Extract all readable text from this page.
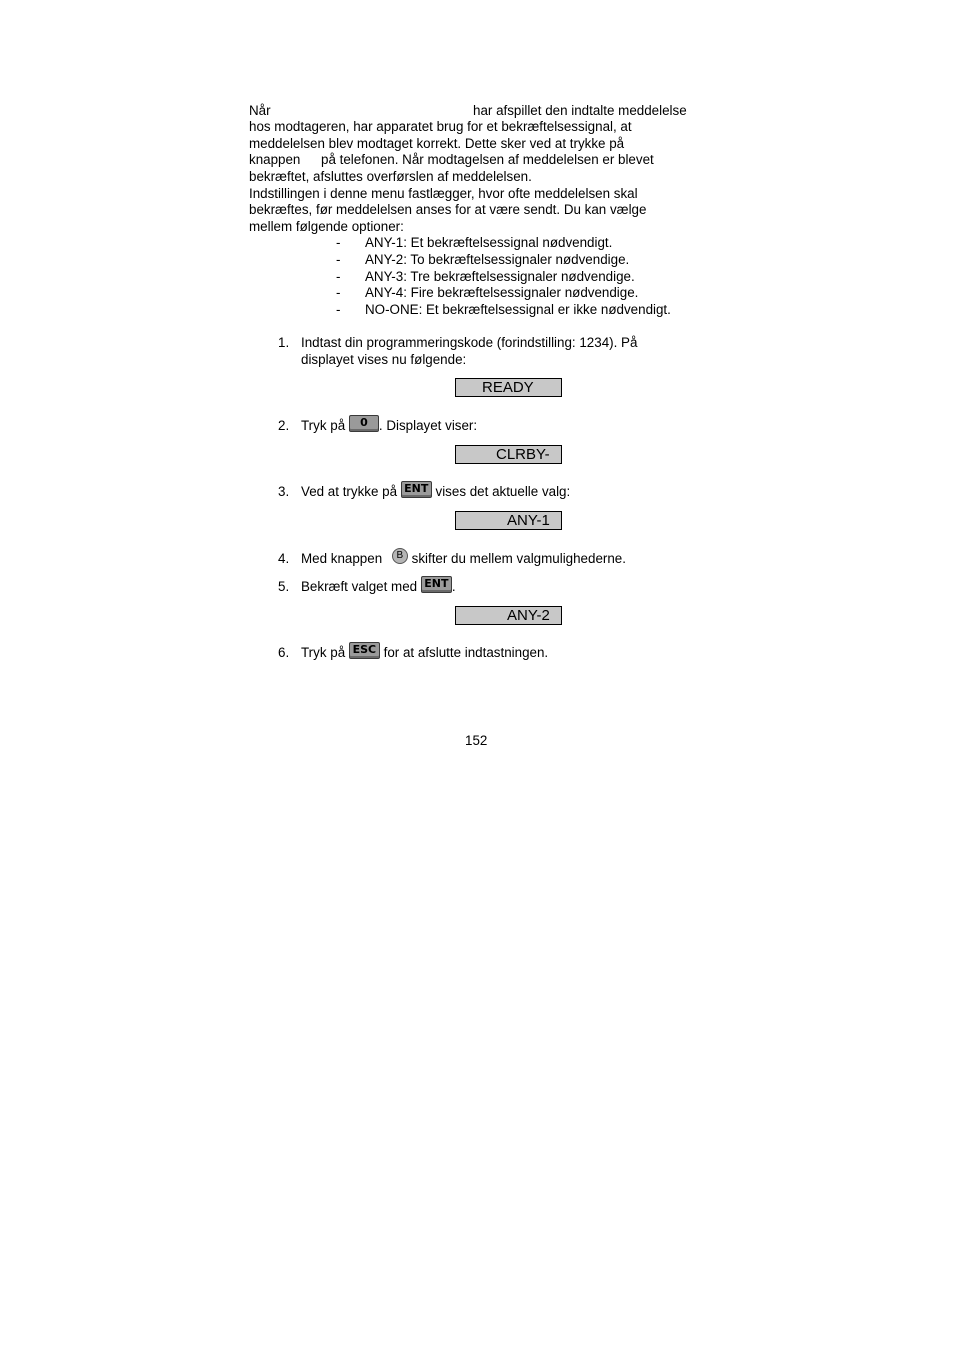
Når	har afspillet den indtalte meddelelse
hos modtageren, har apparatet brug for et bekræftelsessignal, at
meddelelsen blev modtaget korrekt. Dette sker ved at trykke på
knappen på telefonen. Når modtagelsen af meddelelsen er blevet
bekræftet, afsluttes overførslen af meddelelsen.
Indstillingen i denne menu fastlægger, hvor ofte meddelelsen skal
bekræftes, før meddelelsen anses for at være sendt. Du kan vælge
mellem følgende optioner:
- ANY-1: Et bekræftelsessignal nødvendigt.
- ANY-2: To bekræftelsessignaler nødvendige.
- ANY-3: Tre bekræftelsessignaler nødvendige.
- ANY-4: Fire bekræftelsessignaler nødvendige.
- NO-ONE: Et bekræftelsessignal er ikke nødvendigt.
1. Indtast din programmeringskode (forindstilling: 1234). På
displayet vises nu følgende:
READY
2. Tryk på 0 . Displayet viser:
CLRBY-
3. Ved at trykke på ENT vises det aktuelle valg:
ANY-1
4. Med knappen B skifter du mellem valgmulighederne.
5. Bekræft valget med ENT .
ANY-2
6. Tryk på ESC for at afslutte indtastningen.
152
